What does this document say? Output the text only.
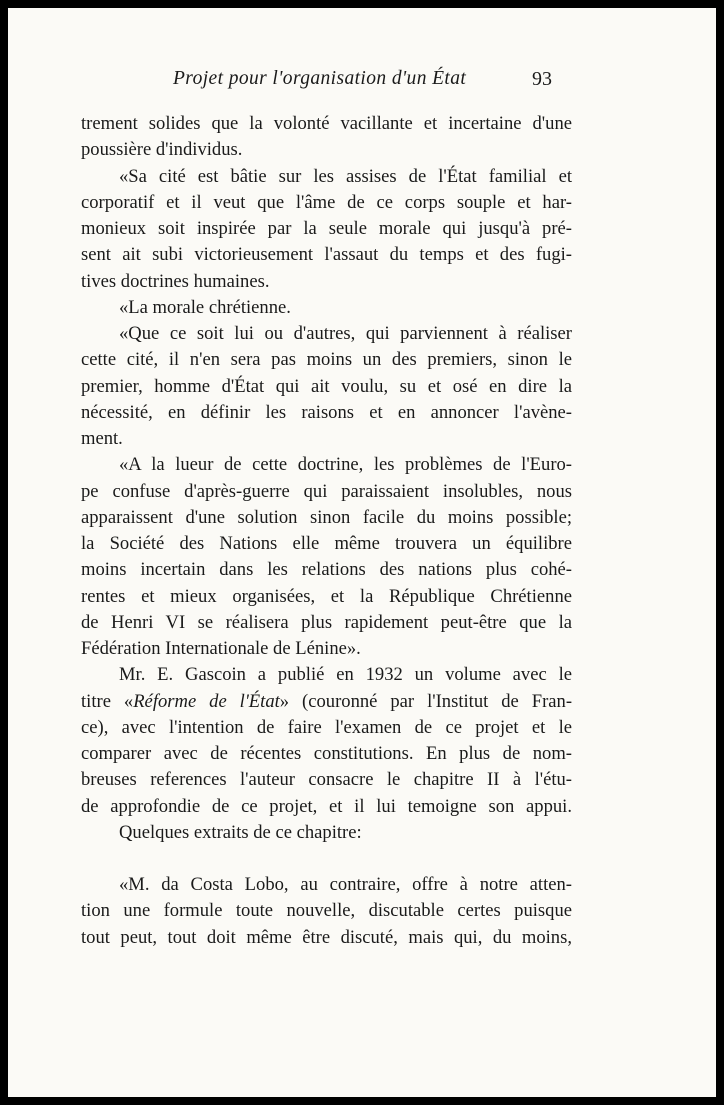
Projet pour l'organisation d'un État	93
trement solides que la volonté vacillante et incertaine d'une
poussière d'individus.
«Sa cité est bâtie sur les assises de l'État familial et
corporatif et il veut que l'âme de ce corps souple et har-
monieux soit inspirée par la seule morale qui jusqu'à pré-
sent ait subi victorieusement l'assaut du temps et des fugi-
tives doctrines humaines.
«La morale chrétienne.
«Que ce soit lui ou d'autres, qui parviennent à réaliser
cette cité, il n'en sera pas moins un des premiers, sinon le
premier, homme d'État qui ait voulu, su et osé en dire la
nécessité, en définir les raisons et en annoncer l'avène-
ment.
«A la lueur de cette doctrine, les problèmes de l'Euro-
pe confuse d'après-guerre qui paraissaient insolubles, nous
apparaissent d'une solution sinon facile du moins possible;
la Société des Nations elle même trouvera un équilibre
moins incertain dans les relations des nations plus cohé-
rentes et mieux organisées, et la République Chrétienne
de Henri VI se réalisera plus rapidement peut-être que la
Fédération Internationale de Lénine».
Mr. E. Gascoin a publié en 1932 un volume avec le
titre «Réforme de l'État» (couronné par l'Institut de Fran-
ce), avec l'intention de faire l'examen de ce projet et le
comparer avec de récentes constitutions. En plus de nom-
breuses references l'auteur consacre le chapitre II à l'étu-
de approfondie de ce projet, et il lui temoigne son appui.
Quelques extraits de ce chapitre:
«M. da Costa Lobo, au contraire, offre à notre atten-
tion une formule toute nouvelle, discutable certes puisque
tout peut, tout doit même être discuté, mais qui, du moins,
